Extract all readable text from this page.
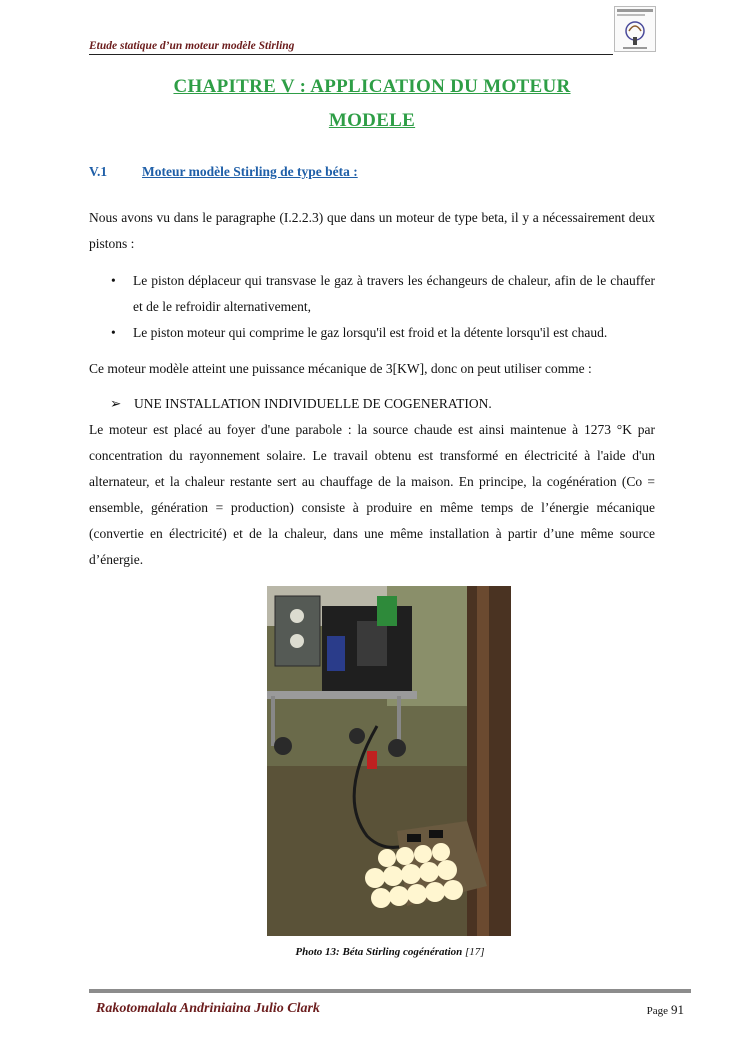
Etude statique d’un moteur modèle Stirling
CHAPITRE V : APPLICATION DU MOTEUR
MODELE
V.1	Moteur modèle Stirling de type béta :
Nous avons vu dans le paragraphe (I.2.2.3) que dans un moteur de type beta, il y a nécessairement deux pistons :
• Le piston déplaceur qui transvase le gaz à travers les échangeurs de chaleur, afin de le chauffer et de le refroidir alternativement,
• Le piston moteur qui comprime le gaz lorsqu'il est froid et la détente lorsqu'il est chaud.
Ce moteur modèle atteint une puissance mécanique de 3[KW], donc on peut utiliser comme :
➢ UNE INSTALLATION INDIVIDUELLE DE COGENERATION.
Le moteur est placé au foyer d'une parabole : la source chaude est ainsi maintenue à 1273 °K par concentration du rayonnement solaire. Le travail obtenu est transformé en électricité à l'aide d'un alternateur, et la chaleur restante sert au chauffage de la maison. En principe, la cogénération (Co = ensemble, génération = production) consiste à produire en même temps de l’énergie mécanique (convertie en électricité) et de la chaleur, dans une même installation à partir d’une même source d’énergie.
Photo 13: Béta Stirling cogénération [17]
Rakotomalala Andriniaina Julio Clark	Page 91
